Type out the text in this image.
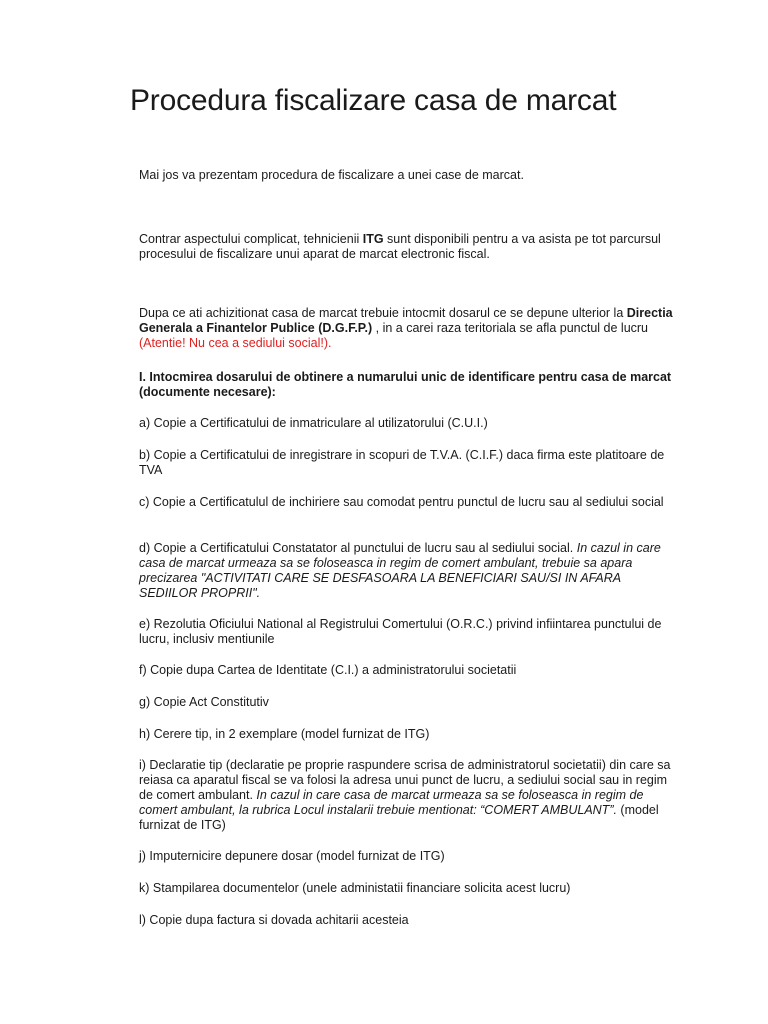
Procedura fiscalizare casa de marcat

Mai jos va prezentam procedura de fiscalizare a unei case de marcat.

Contrar aspectului complicat, tehnicienii ITG sunt disponibili pentru a va asista pe tot parcursul procesului de fiscalizare unui aparat de marcat electronic fiscal.

Dupa ce ati achizitionat casa de marcat trebuie intocmit dosarul ce se depune ulterior la Directia Generala a Finantelor Publice (D.G.F.P.) , in a carei raza teritoriala se afla punctul de lucru (Atentie! Nu cea a sediului social!).

I. Intocmirea dosarului de obtinere a numarului unic de identificare pentru casa de marcat (documente necesare):

a) Copie a Certificatului de inmatriculare al utilizatorului (C.U.I.)

b) Copie a Certificatului de inregistrare in scopuri de T.V.A. (C.I.F.) daca firma este platitoare de TVA

c) Copie a Certificatulul de inchiriere sau comodat pentru punctul de lucru sau al sediului social

d) Copie a Certificatului Constatator al punctului de lucru sau al sediului social. In cazul in care casa de marcat urmeaza sa se foloseasca in regim de comert ambulant, trebuie sa apara precizarea "ACTIVITATI CARE SE DESFASOARA LA BENEFICIARI SAU/SI IN AFARA SEDIILOR PROPRII".

e) Rezolutia Oficiului National al Registrului Comertului (O.R.C.) privind infiintarea punctului de lucru, inclusiv mentiunile

f) Copie dupa Cartea de Identitate (C.I.) a administratorului societatii

g) Copie Act Constitutiv

h) Cerere tip, in 2 exemplare (model furnizat de ITG)

i) Declaratie tip (declaratie pe proprie raspundere scrisa de administratorul societatii) din care sa reiasa ca aparatul fiscal se va folosi la adresa unui punct de lucru, a sediului social sau in regim de comert ambulant. In cazul in care casa de marcat urmeaza sa se foloseasca in regim de comert ambulant, la rubrica Locul instalarii trebuie mentionat: “COMERT AMBULANT”. (model furnizat de ITG)

j) Imputernicire depunere dosar (model furnizat de ITG)

k) Stampilarea documentelor (unele administatii financiare solicita acest lucru)

l) Copie dupa factura si dovada achitarii acesteia
